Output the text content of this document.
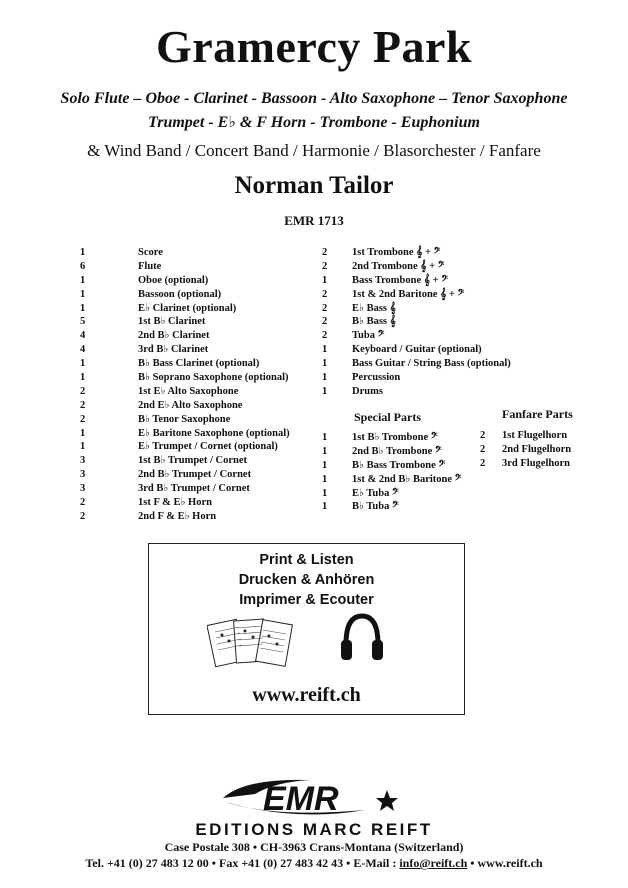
Gramercy Park
Solo Flute – Oboe - Clarinet - Bassoon - Alto Saxophone – Tenor Saxophone
Trumpet - E♭ & F Horn - Trombone - Euphonium
& Wind Band / Concert Band / Harmonie / Blasorchester / Fanfare
Norman Tailor
EMR 1713
1	Score
6	Flute
1	Oboe (optional)
1	Bassoon (optional)
1	E♭ Clarinet (optional)
5	1st B♭ Clarinet
4	2nd B♭ Clarinet
4	3rd B♭ Clarinet
1	B♭ Bass Clarinet (optional)
1	B♭ Soprano Saxophone (optional)
2	1st E♭ Alto Saxophone
2	2nd E♭ Alto Saxophone
2	B♭ Tenor Saxophone
1	E♭ Baritone Saxophone (optional)
1	E♭ Trumpet / Cornet (optional)
3	1st B♭ Trumpet / Cornet
3	2nd B♭ Trumpet / Cornet
3	3rd B♭ Trumpet / Cornet
2	1st F & E♭ Horn
2	2nd F & E♭ Horn
2	1st Trombone 𝄞 + 𝄢
2	2nd Trombone 𝄞 + 𝄢
1	Bass Trombone 𝄞 + 𝄢
2	1st & 2nd Baritone 𝄞 + 𝄢
2	E♭ Bass 𝄞
2	B♭ Bass 𝄞
2	Tuba 𝄢
1	Keyboard / Guitar (optional)
1	Bass Guitar / String Bass (optional)
1	Percussion
1	Drums
Special Parts
1	1st B♭ Trombone 𝄢
1	2nd B♭ Trombone 𝄢
1	B♭ Bass Trombone 𝄢
1	1st & 2nd B♭ Baritone 𝄢
1	E♭ Tuba 𝄢
1	B♭ Tuba 𝄢
Fanfare Parts
2	1st Flugelhorn
2	2nd Flugelhorn
2	3rd Flugelhorn
Print & Listen
Drucken & Anhören
Imprimer & Ecouter
www.reift.ch
EMR
EDITIONS MARC REIFT
Case Postale 308 • CH-3963 Crans-Montana (Switzerland)
Tel. +41 (0) 27 483 12 00 • Fax +41 (0) 27 483 42 43 • E-Mail : info@reift.ch • www.reift.ch
